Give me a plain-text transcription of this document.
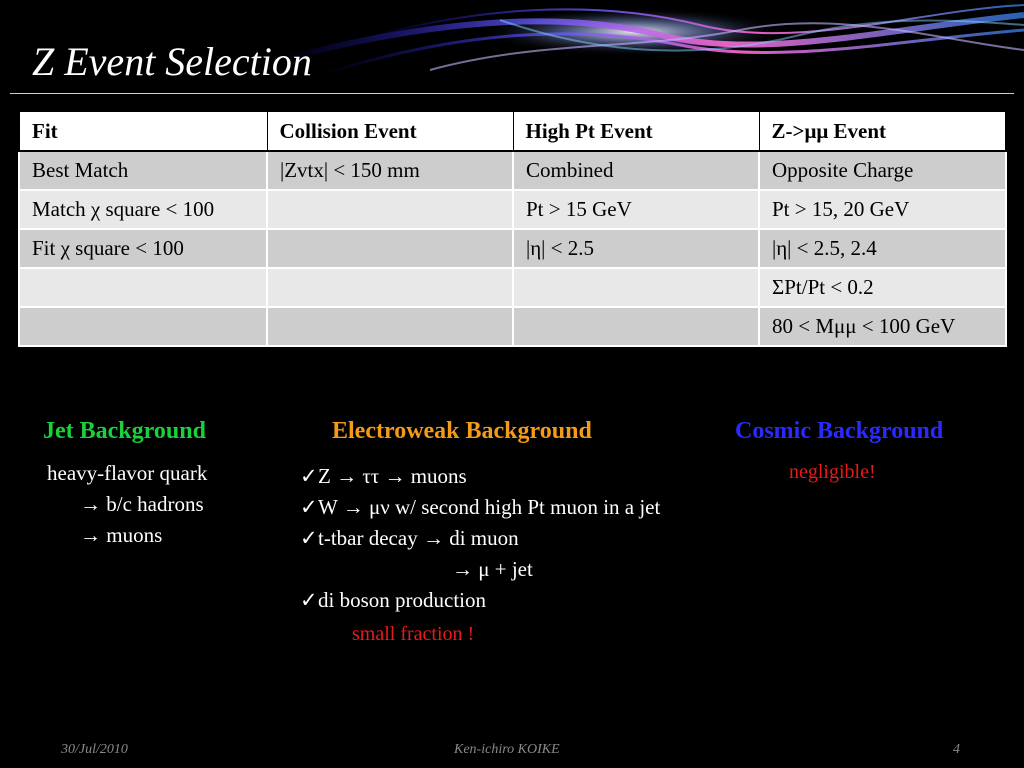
Z Event Selection
Fit	Collision Event	High Pt Event	Z->μμ Event
Best Match	|Zvtx| < 150 mm	Combined	Opposite Charge
Match χ square < 100		Pt > 15 GeV	Pt > 15, 20 GeV
Fit χ square < 100		|η| < 2.5	|η| < 2.5, 2.4
			ΣPt/Pt < 0.2
			80 < Mμμ < 100 GeV
Jet Background

heavy-flavor quark

→ b/c hadrons

→ muons

Electroweak Background

✓Z → ττ → muons

✓W → μν w/ second high Pt muon in a jet

✓t-tbar decay → di muon

→ μ + jet

✓di boson production

small fraction !

Cosmic Background

negligible!

30/Jul/2010	Ken-ichiro KOIKE	4
